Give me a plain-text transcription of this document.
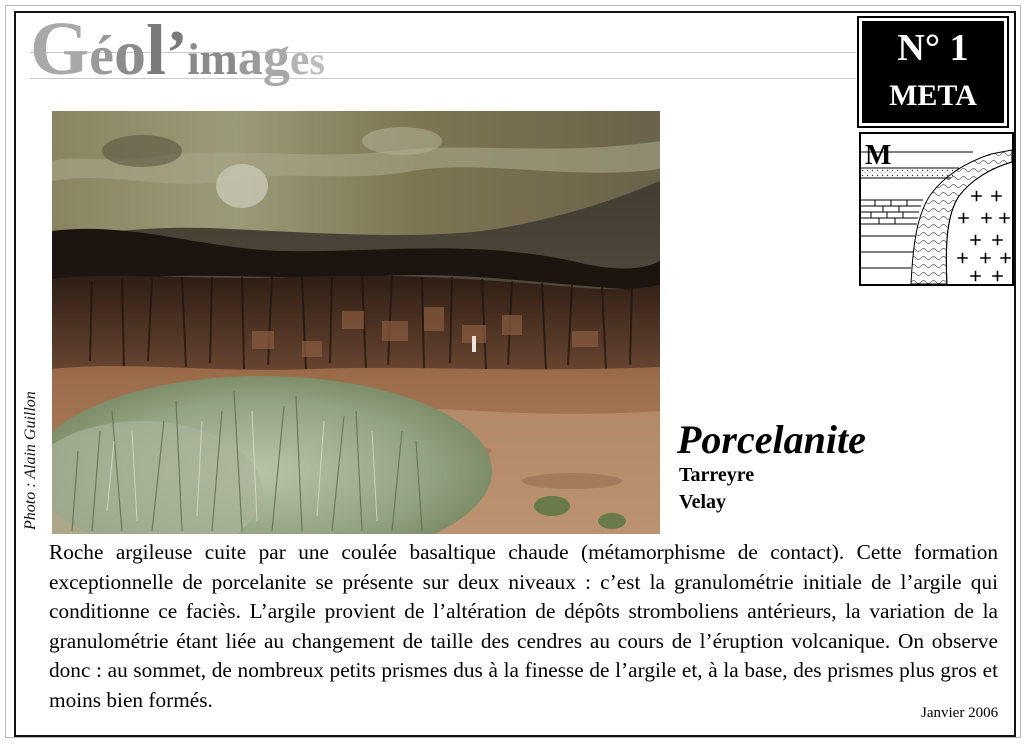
Géol’images	N° 1
META
M
Photo : Alain Guillon	Porcelanite
Tarreyre
Velay

Roche argileuse cuite par une coulée basaltique chaude (métamorphisme de contact). Cette formation exceptionnelle de porcelanite se présente sur deux niveaux : c’est la granulométrie initiale de l’argile qui conditionne ce faciès. L’argile provient de l’altération de dépôts stromboliens antérieurs, la variation de la granulométrie étant liée au changement de taille des cendres au cours de l’éruption volcanique. On observe donc : au sommet, de nombreux petits prismes dus à la finesse de l’argile et, à la base, des prismes plus gros et moins bien formés.

Janvier 2006
